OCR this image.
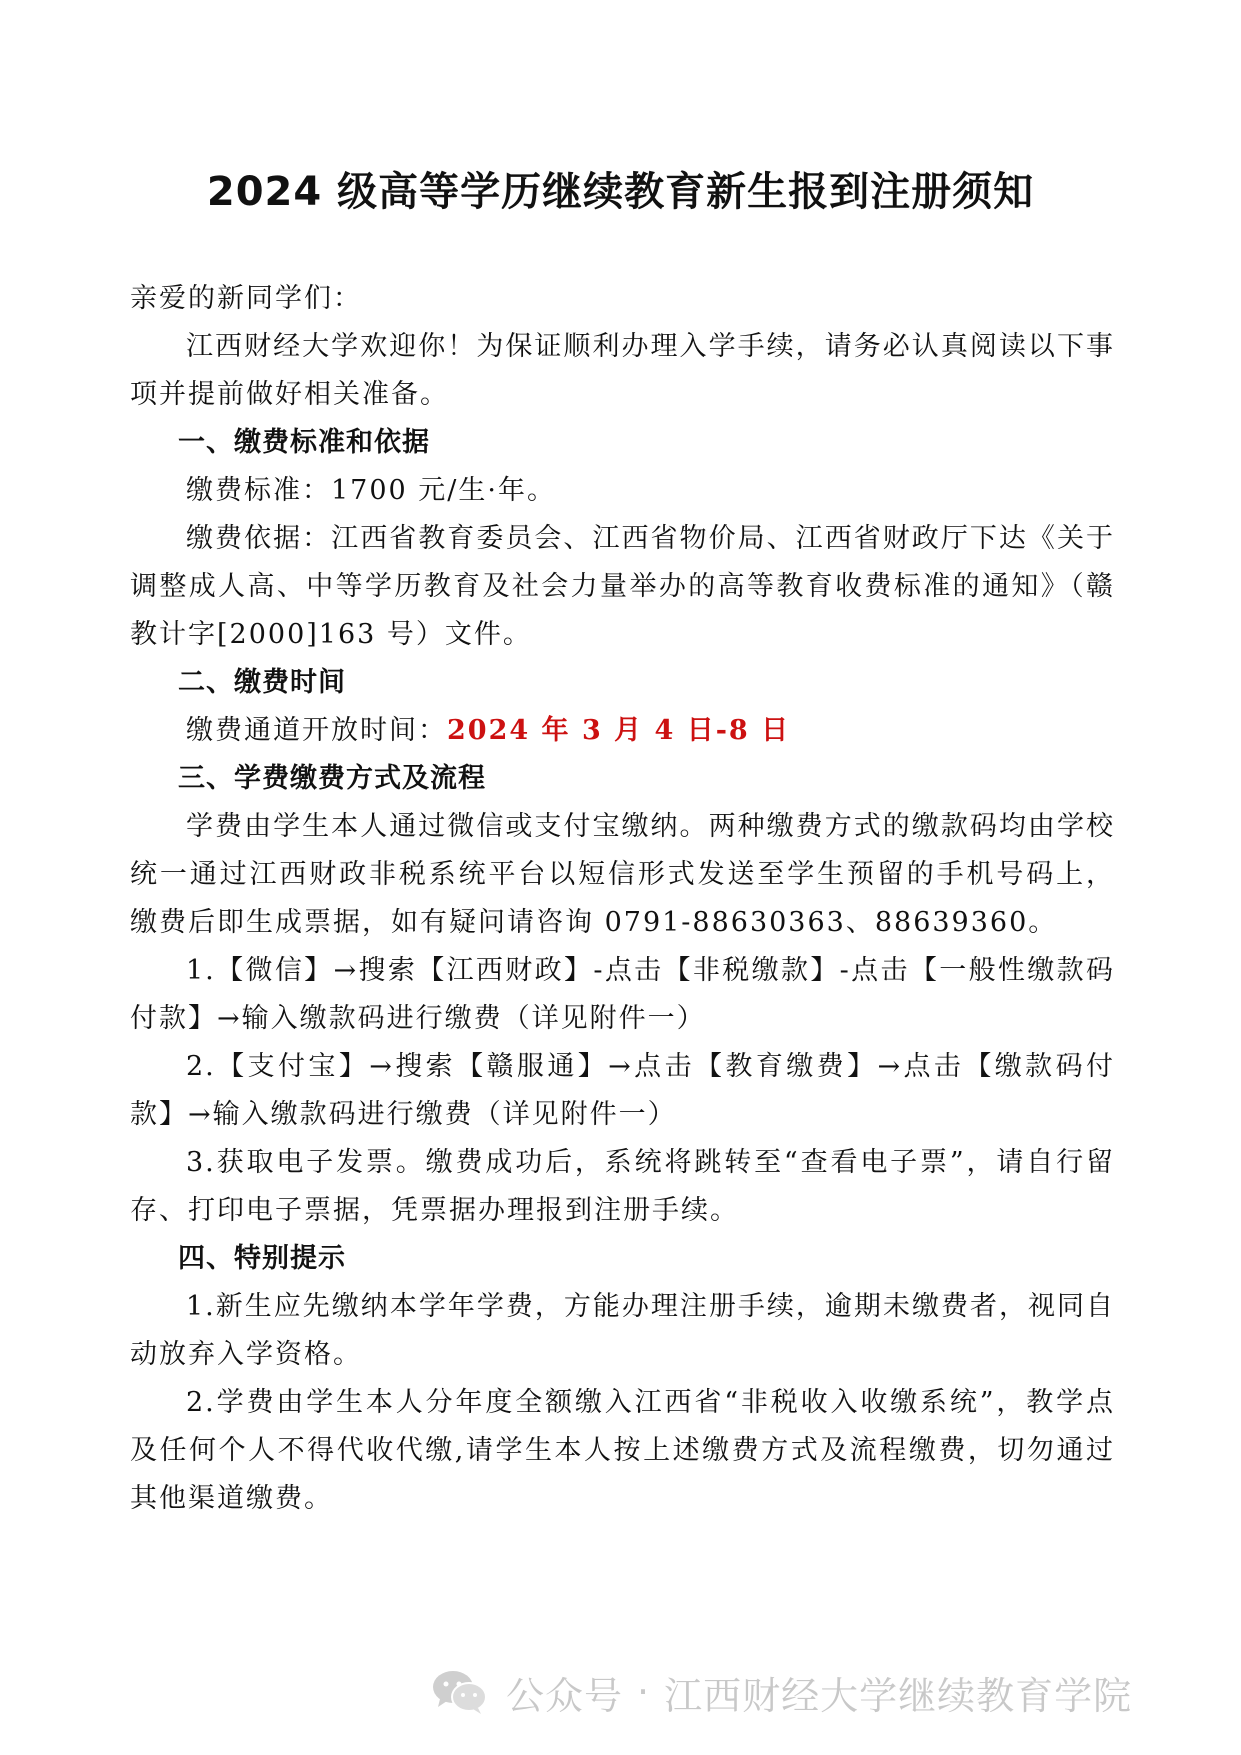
2024 级高等学历继续教育新生报到注册须知

亲爱的新同学们：

江西财经大学欢迎你！为保证顺利办理入学手续，请务必认真阅读以下事项并提前做好相关准备。

一、缴费标准和依据

缴费标准：1700 元/生·年。

缴费依据：江西省教育委员会、江西省物价局、江西省财政厅下达《关于调整成人高、中等学历教育及社会力量举办的高等教育收费标准的通知》（赣教计字[2000]163 号）文件。

二、缴费时间

缴费通道开放时间：2024 年 3 月 4 日-8 日

三、学费缴费方式及流程

学费由学生本人通过微信或支付宝缴纳。两种缴费方式的缴款码均由学校统一通过江西财政非税系统平台以短信形式发送至学生预留的手机号码上，缴费后即生成票据，如有疑问请咨询 0791-88630363、88639360。

1.【微信】→搜索【江西财政】-点击【非税缴款】-点击【一般性缴款码付款】→输入缴款码进行缴费（详见附件一）

2.【支付宝】→搜索【赣服通】→点击【教育缴费】→点击【缴款码付款】→输入缴款码进行缴费（详见附件一）

3.获取电子发票。缴费成功后，系统将跳转至“查看电子票”，请自行留存、打印电子票据，凭票据办理报到注册手续。

四、特别提示

1.新生应先缴纳本学年学费，方能办理注册手续，逾期未缴费者，视同自动放弃入学资格。

2.学费由学生本人分年度全额缴入江西省“非税收入收缴系统”，教学点及任何个人不得代收代缴,请学生本人按上述缴费方式及流程缴费，切勿通过其他渠道缴费。

公众号 · 江西财经大学继续教育学院
